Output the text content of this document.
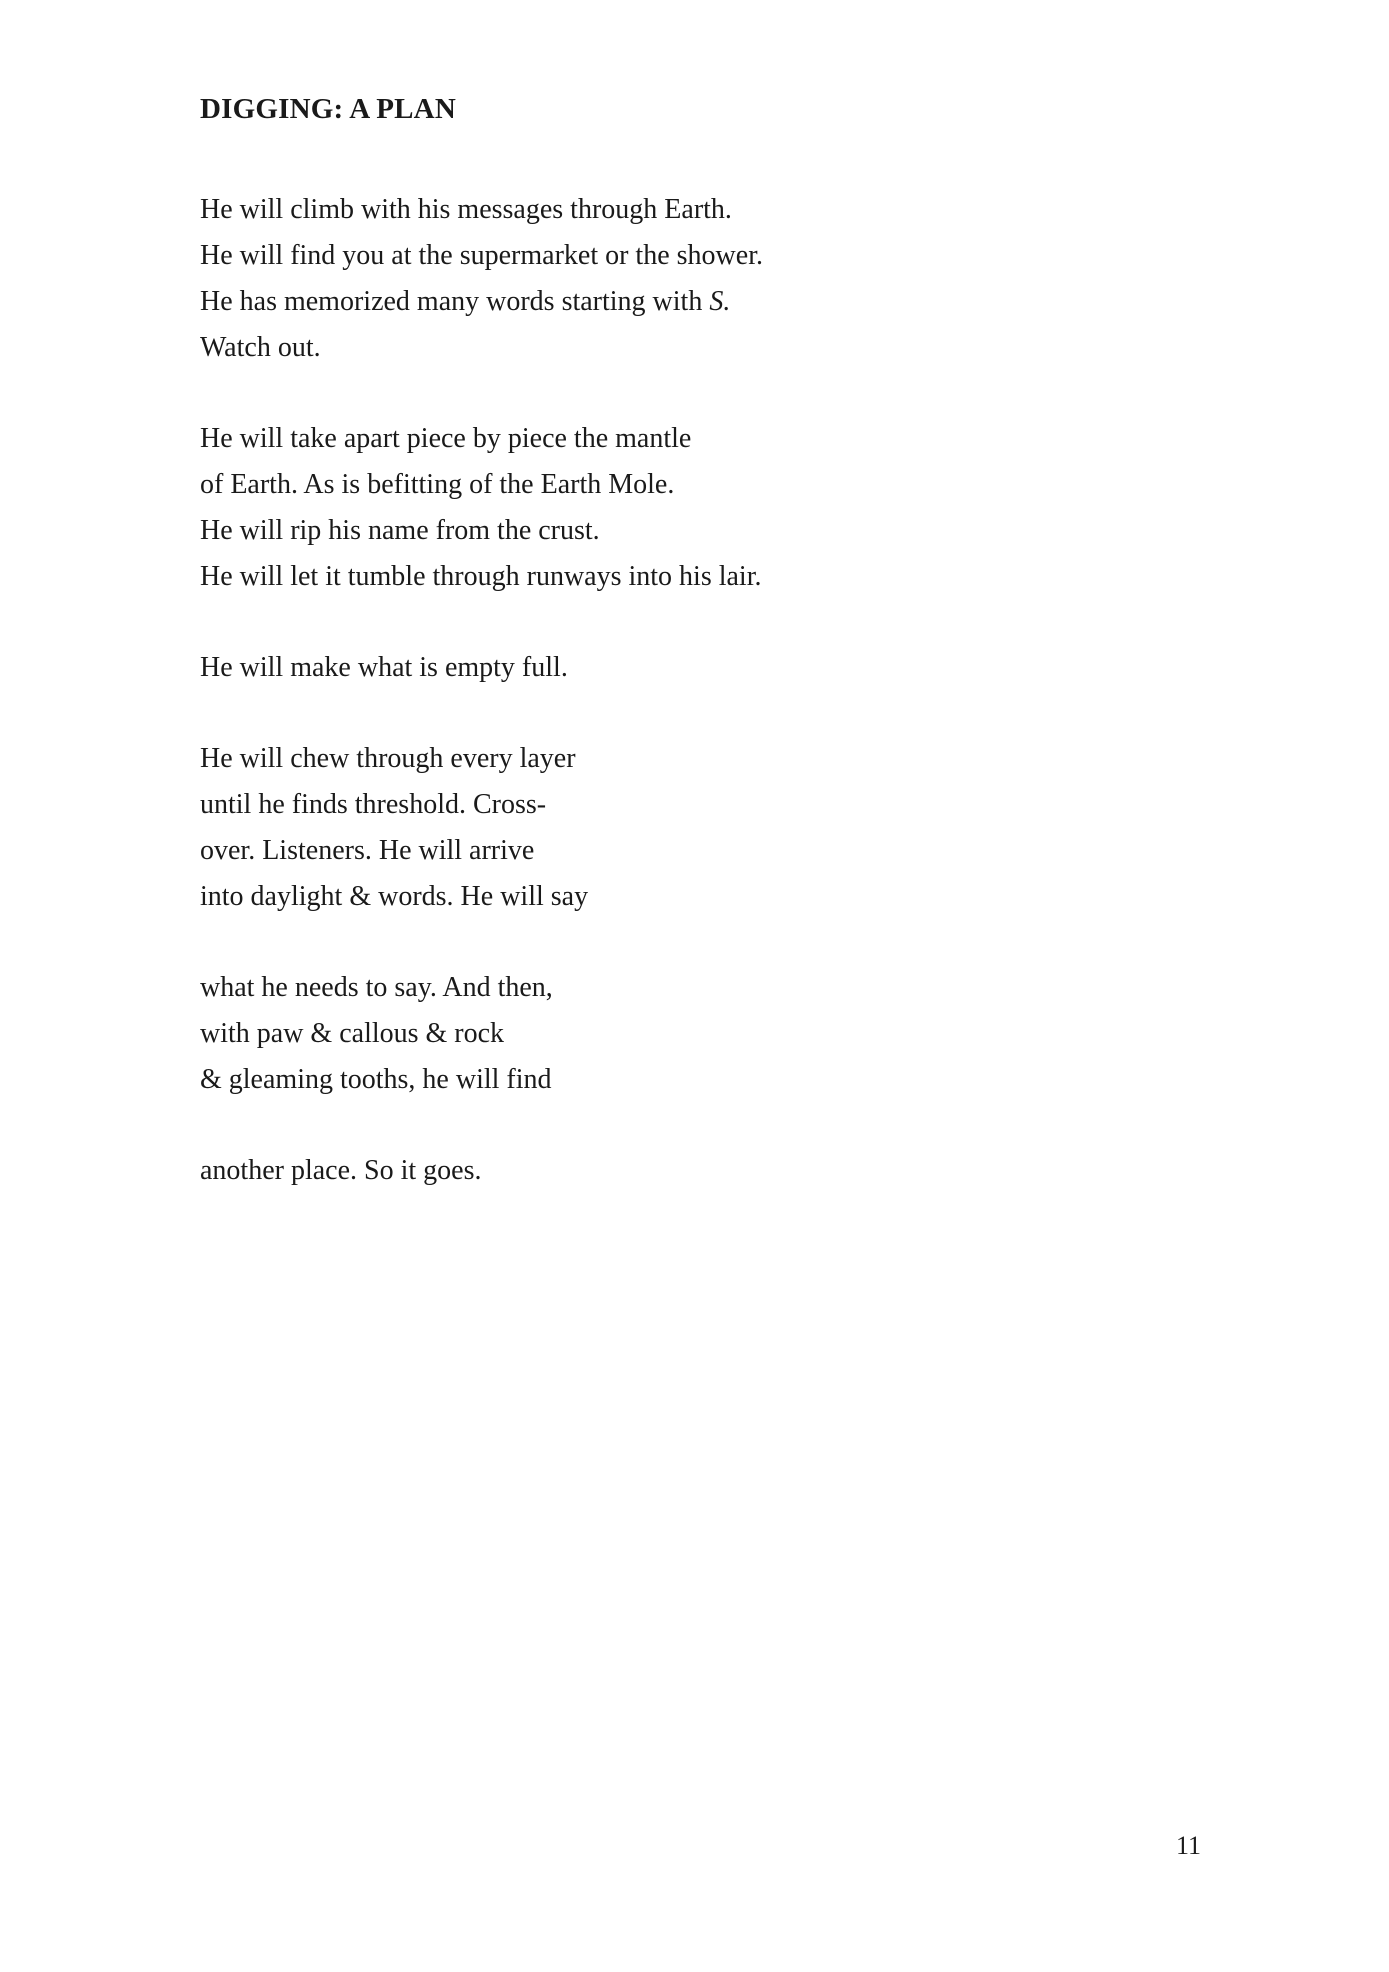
DIGGING: A PLAN
He will climb with his messages through Earth.
He will find you at the supermarket or the shower.
He has memorized many words starting with S.
Watch out.
He will take apart piece by piece the mantle
of Earth. As is befitting of the Earth Mole.
He will rip his name from the crust.
He will let it tumble through runways into his lair.
He will make what is empty full.
He will chew through every layer
until he finds threshold. Cross-
over. Listeners. He will arrive
into daylight & words. He will say
what he needs to say. And then,
with paw & callous & rock
& gleaming tooths, he will find
another place. So it goes.
11
